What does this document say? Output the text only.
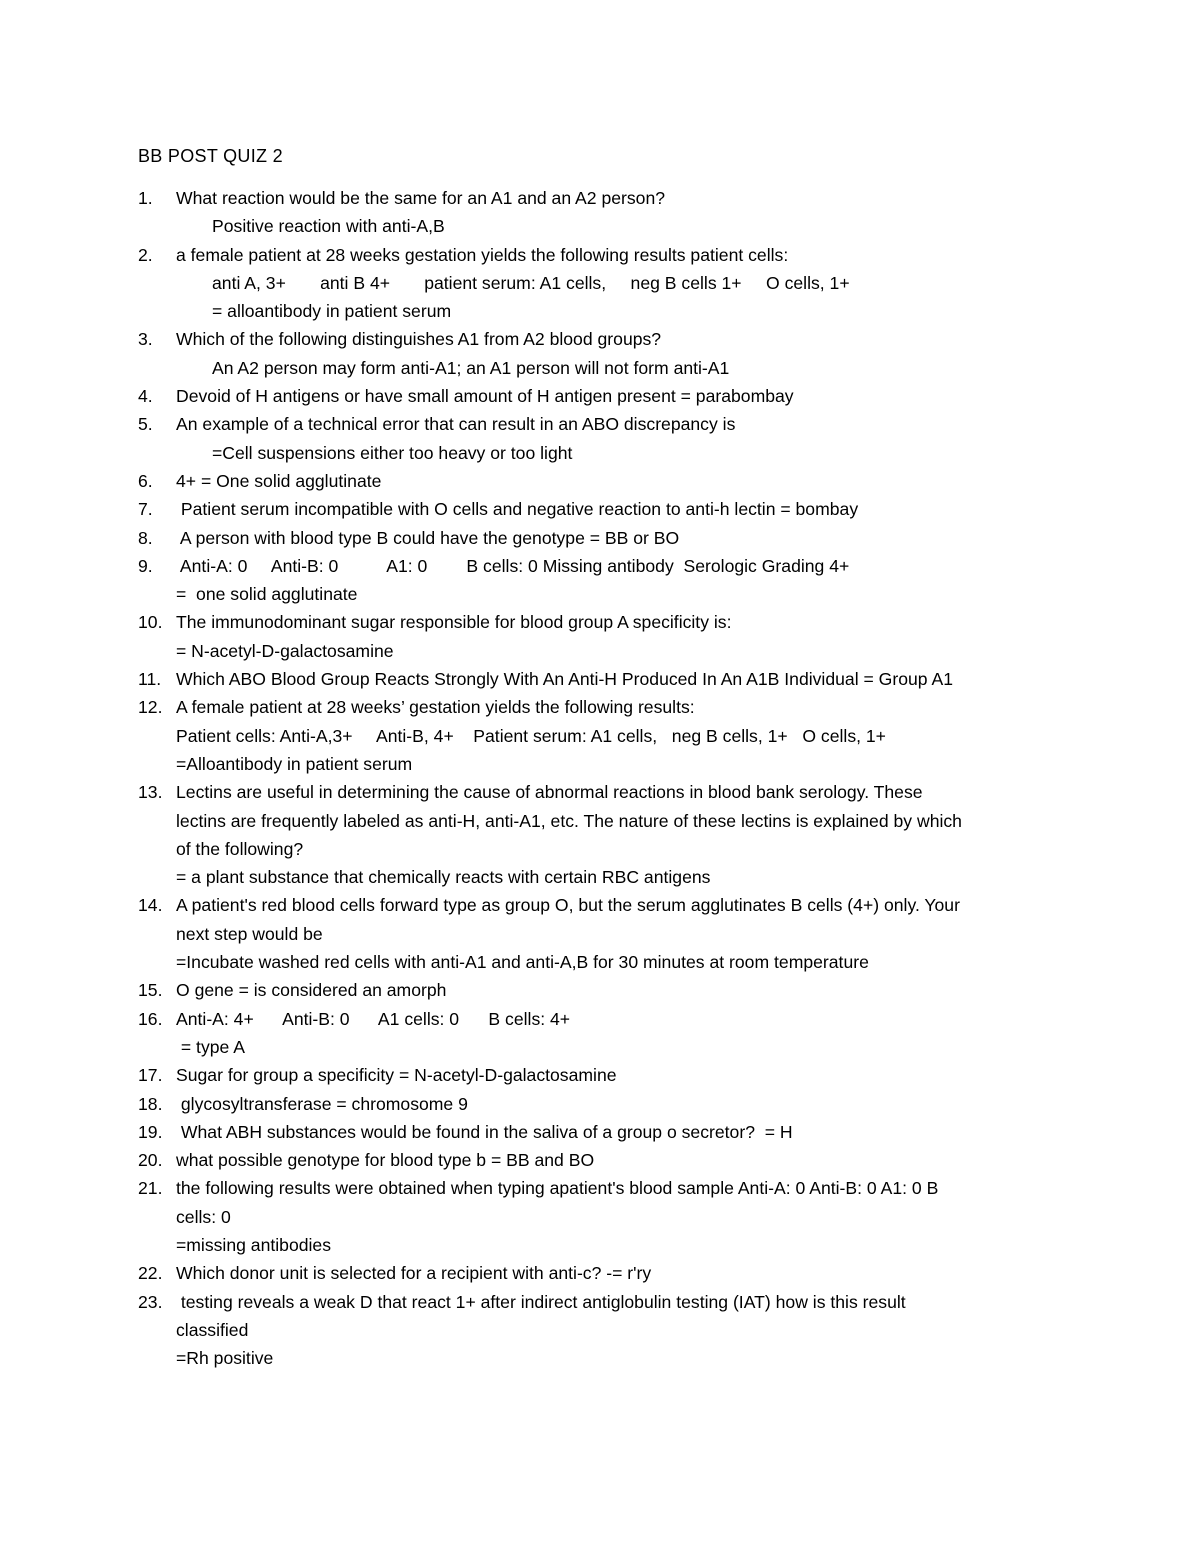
BB POST QUIZ 2
1.	What reaction would be the same for an A1 and an A2 person?
Positive reaction with anti-A,B
2.	a female patient at 28 weeks gestation yields the following results patient cells:
anti A, 3+       anti B 4+       patient serum: A1 cells,     neg B cells 1+     O cells, 1+
= alloantibody in patient serum
3.	Which of the following distinguishes A1 from A2 blood groups?
An A2 person may form anti-A1; an A1 person will not form anti-A1
4.	Devoid of H antigens or have small amount of H antigen present = parabombay
5.	An example of a technical error that can result in an ABO discrepancy is
=Cell suspensions either too heavy or too light
6.	4+ = One solid agglutinate
7.	Patient serum incompatible with O cells and negative reaction to anti-h lectin = bombay
8.	A person with blood type B could have the genotype = BB or BO
9.	Anti-A: 0     Anti-B: 0          A1: 0        B cells: 0 Missing antibody  Serologic Grading 4+
=  one solid agglutinate
10. The immunodominant sugar responsible for blood group A specificity is:
= N-acetyl-D-galactosamine
11. Which ABO Blood Group Reacts Strongly With An Anti-H Produced In An A1B Individual = Group A1
12. A female patient at 28 weeks’ gestation yields the following results:
Patient cells: Anti-A,3+     Anti-B, 4+    Patient serum: A1 cells,   neg B cells, 1+   O cells, 1+
=Alloantibody in patient serum
13. Lectins are useful in determining the cause of abnormal reactions in blood bank serology. These
lectins are frequently labeled as anti-H, anti-A1, etc. The nature of these lectins is explained by which
of the following?
= a plant substance that chemically reacts with certain RBC antigens
14. A patient's red blood cells forward type as group O, but the serum agglutinates B cells (4+) only. Your
next step would be
=Incubate washed red cells with anti-A1 and anti-A,B for 30 minutes at room temperature
15. O gene = is considered an amorph
16. Anti-A: 4+      Anti-B: 0      A1 cells: 0      B cells: 4+
= type A
17. Sugar for group a specificity = N-acetyl-D-galactosamine
18. glycosyltransferase = chromosome 9
19. What ABH substances would be found in the saliva of a group o secretor?  = H
20. what possible genotype for blood type b = BB and BO
21. the following results were obtained when typing apatient's blood sample Anti-A: 0 Anti-B: 0 A1: 0 B
cells: 0
=missing antibodies
22. Which donor unit is selected for a recipient with anti-c? -= r'ry
23. testing reveals a weak D that react 1+ after indirect antiglobulin testing (IAT) how is this result
classified
=Rh positive
